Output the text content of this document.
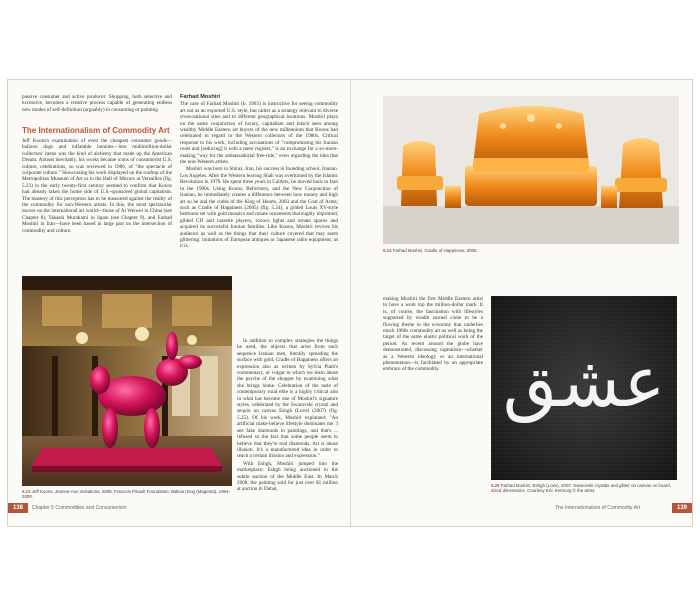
passive consumer and active producer. Shopping, both selective and excessive, becomes a creative process capable of generating endless new modes of self-definition (arguably) in consuming or painting.

The Internationalism of Commodity Art

Jeff Koons's examination of even the cheapest consumer goods—balloon dogs and inflatable bunnies—into multimillion-dollar collectors' items was the kind of alchemy that made up the American Dream. Almost inevitably, his works became icons of consumerist U.S. culture, celebrations, so was reviewed in 1986, of "the spectacle of corporate culture." Showcasing his work displayed on the rooftop of the Metropolitan Museum of Art or in the Hall of Mirrors at Versailles (fig. 5.23) in the early twenty-first century seemed to confirm that Koons had already taken the home side of U.S.-sponsored global capitalism. The mastery of this perception has to be measured against the reality of the commodity for non-Western artists. In this, the most spectacular moves on the international art world—those of Ai Weiwei in China (see Chapter 8), Takashi Murakami in Japan (see Chapter 9), and Farhad Moshiri in Iran—have been based in large part on the intersection of commodity and culture.

Farhad Moshiri

The case of Farhad Moshiri (b. 1963) is instructive for seeing commodity art not as an exported U.S. style, but rather as a strategy relevant to diverse cross-national sites and to different geographical locations. Moshiri plays on the same conjunction of luxury, capitalism and kitsch seen among wealthy Middle Eastern art buyers of the new millennium that Koons had celebrated in regard to the Western collectors of the 1980s. Critical response to his work, including accusations of "compromising his Iranian roots and [reducing] it with a mere register," is an exchange for a so-more-making "way for the ambassadorial free-ride," even regarding the idea that the non-Western artists.

Moshiri was born in Shiraz, Iran, his success in founding school, Iranian. Los Angeles. After the Western leaving Shah was overturned by the Islamic Revolution in 1979. He spent three years in CalArts, he moved back to Iran in the 1990s. Using Koons, Reformers, and the New Conjunction of Iranian, he immediately creates a difference between how money and high art so he and the codes of the King of Hearts, 2003 and the Coat of Arms; such as Cradle of Happiness (2005) (fig. 5.24), a gilded Louis XV-style bedroom set with gold mosaics and ornate ornaments thoroughly imprinted, gilded CD and cassette players, rococo lights and ornate spaces and acquired its successful Iranian families. Like Koons, Moshiri revives his audience as well as the things that their culture covered that may seem glittering: imitations of European antiques or Japanese radio equipment, as it is.

In addition to complex strategies the things he used, the objects that arise from each sequence Iranian men, literally spreading the surface with gold, Cradle of Happiness offers an expression also as written by Sylvia Plath's commentary, or vulgar in which we learn about the psyche of the shopper by examining what she brings home. Celebration of the taste of contemporary rural elite is a highly critical aim in what has become one of Moshiri's signature styles, celebrated by the Swarovski crystal and sequin on canvas Eshgh (Love) (2007) (fig. 5.25). Of his work, Moshiri explained: "An artificial make-believe lifestyle dominates me. I see fake diamonds in paintings, and that's ... refused so the fact that some people seem to believe that they're real diamonds. Art is about illusion. It's a manufactured idea in order to reach a certain illusion and expression."

With Eshgh, Moshiri jumped into the marketplace: Eshgh being auctioned in the subtle auction of the Middle East. In March 2008, the painting sold for just over $1 million at auction in Dubai,

5.23 Jeff Koons, Jeanne-Aux Invitations, 2008, Francois Pinault Foundation. Balloon Dog (Magenta), 1994–2000.
138	Chapter 5 Commodities and Consumerism
5.24 Farhad Moshiri, Cradle of Happiness, 2005.

making Moshiri the first Middle Eastern artist to have a work top the million-dollar mark. It is, of course, the fascination with lifestyles supported by wealth earned come to be a flowing theme in the economy that underlies much 1980s commodity art as well as being the target of the same elastic political work of the period. As recent around the globe have demonstrated, discussing capitalism—whether as a Western ideology or an international phenomenon—is facilitated by an appropriate embrace of the commodity. عشق
5.25 Farhad Moshiri, Eshgh (Love), 2007. Swarovski crystals and glitter on canvas on board, sized dimensions. Courtesy Eric Kermorg © the artist.
The Internationalism of Commodity Art	139
